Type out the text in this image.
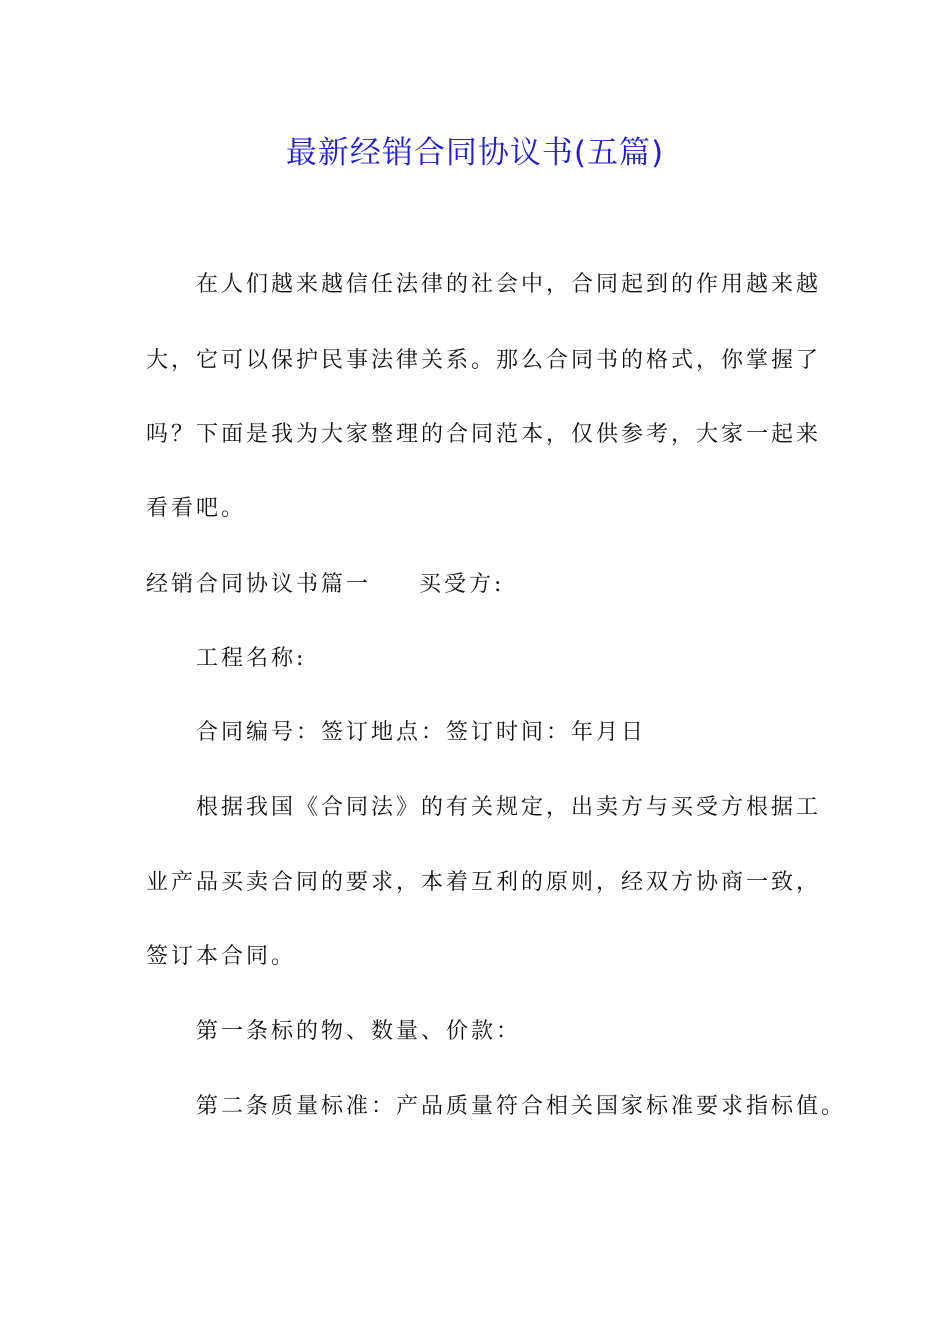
最新经销合同协议书(五篇)
在人们越来越信任法律的社会中，合同起到的作用越来越
大，它可以保护民事法律关系。那么合同书的格式，你掌握了
吗？下面是我为大家整理的合同范本，仅供参考，大家一起来
看看吧。
经销合同协议书篇一 买受方:
工程名称:
合同编号：签订地点：签订时间：年月日
根据我国《合同法》的有关规定，出卖方与买受方根据工
业产品买卖合同的要求，本着互利的原则，经双方协商一致，
签订本合同。
第一条标的物、数量、价款：
第二条质量标准：产品质量符合相关国家标准要求指标值。
